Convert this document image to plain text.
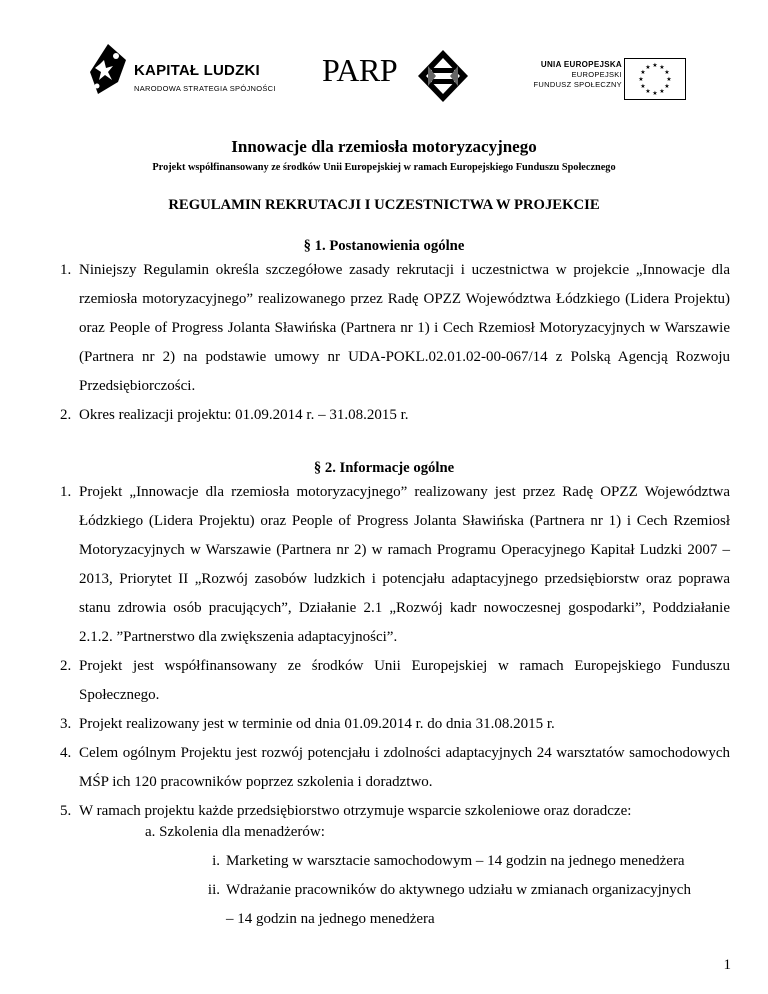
KAPITAŁ LUDZKI
NARODOWA STRATEGIA SPÓJNOŚCI
PARP	UNIA EUROPEJSKA
EUROPEJSKI
FUNDUSZ SPOŁECZNY
★ ★
★
★
★
★
★
★
★
★
★
★
Innowacje dla rzemiosła motoryzacyjnego
Projekt współfinansowany ze środków Unii Europejskiej w ramach Europejskiego Funduszu Społecznego
REGULAMIN REKRUTACJI I UCZESTNICTWA W PROJEKCIE
§ 1. Postanowienia ogólne
1. Niniejszy Regulamin określa szczegółowe zasady rekrutacji i uczestnictwa w projekcie „Innowacje dla rzemiosła motoryzacyjnego” realizowanego przez Radę OPZZ Województwa Łódzkiego (Lidera Projektu) oraz People of Progress Jolanta Sławińska (Partnera nr 1) i Cech Rzemiosł Motoryzacyjnych w Warszawie (Partnera nr 2) na podstawie umowy nr UDA-POKL.02.01.02-00-067/14 z Polską Agencją Rozwoju Przedsiębiorczości.
2. Okres realizacji projektu: 01.09.2014 r. – 31.08.2015 r.
§ 2. Informacje ogólne
1. Projekt „Innowacje dla rzemiosła motoryzacyjnego” realizowany jest przez Radę OPZZ Województwa Łódzkiego (Lidera Projektu) oraz People of Progress Jolanta Sławińska (Partnera nr 1) i Cech Rzemiosł Motoryzacyjnych w Warszawie (Partnera nr 2) w ramach Programu Operacyjnego Kapitał Ludzki 2007 – 2013, Priorytet II „Rozwój zasobów ludzkich i potencjału adaptacyjnego przedsiębiorstw oraz poprawa stanu zdrowia osób pracujących”, Działanie 2.1 „Rozwój kadr nowoczesnej gospodarki”, Poddziałanie 2.1.2. ”Partnerstwo dla zwiększenia adaptacyjności”.
2. Projekt jest współfinansowany ze środków Unii Europejskiej w ramach Europejskiego Funduszu Społecznego.
3. Projekt realizowany jest w terminie od dnia 01.09.2014 r. do dnia 31.08.2015 r.
4. Celem ogólnym Projektu jest rozwój potencjału i zdolności adaptacyjnych 24 warsztatów samochodowych MŚP ich 120 pracowników poprzez szkolenia i doradztwo.
5. W ramach projektu każde przedsiębiorstwo otrzymuje wsparcie szkoleniowe oraz doradcze:
a. Szkolenia dla menadżerów:
i. Marketing w warsztacie samochodowym – 14 godzin na jednego menedżera
ii. Wdrażanie pracowników do aktywnego udziału w zmianach organizacyjnych
– 14 godzin na jednego menedżera
1
